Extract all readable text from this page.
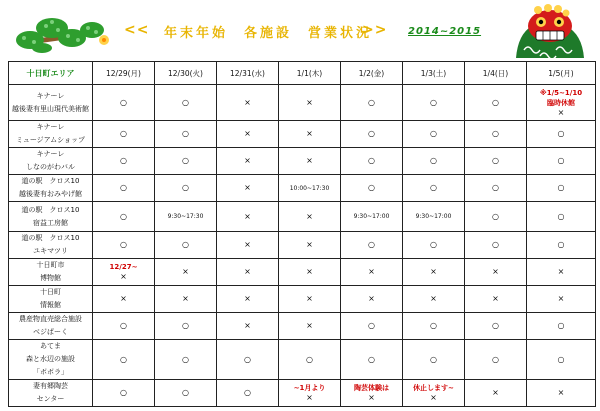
<< 年末年始　各施設　営業状況
>> 2014~2015
十日町エリア	12/29(月)	12/30(火)	12/31(水)	1/1(木)	1/2(金)	1/3(土)	1/4(日)	1/5(月)

キナーレ
越後妻有里山現代美術館	○	○	×	×	○	○	○	※1/5~1/10
臨時休館
×

キナーレ
ミュージアムショップ	○	○	×	×	○	○	○	○

キナーレ
しなのがわバル	○	○	×	×	○	○	○	○

道の駅　クロス10
越後妻有おみやげ館	○	○	×	10:00~17:30	○	○	○	○

道の駅　クロス10
宿益工房館	○	9:30~17:30	×	×	9:30~17:00	9:30~17:00	○	○

道の駅　クロス10
ユキマツリ	○	○	×	×	○	○	○	○

十日町市
博物館	12/27~
×	×	×	×	×	×	×	×

十日町
情報館	×	×	×	×	×	×	×	×

農産物直売総合施設
ベジぱーく	○	○	×	×	○	○	○	○

あてま
森と水辺の施設
「ボボラ」	○	○	○	○	○	○	○	○

妻有郷陶芸
センター	○	○	○	~1月より
×	陶芸体験は
×	休止します~
×	×	×
